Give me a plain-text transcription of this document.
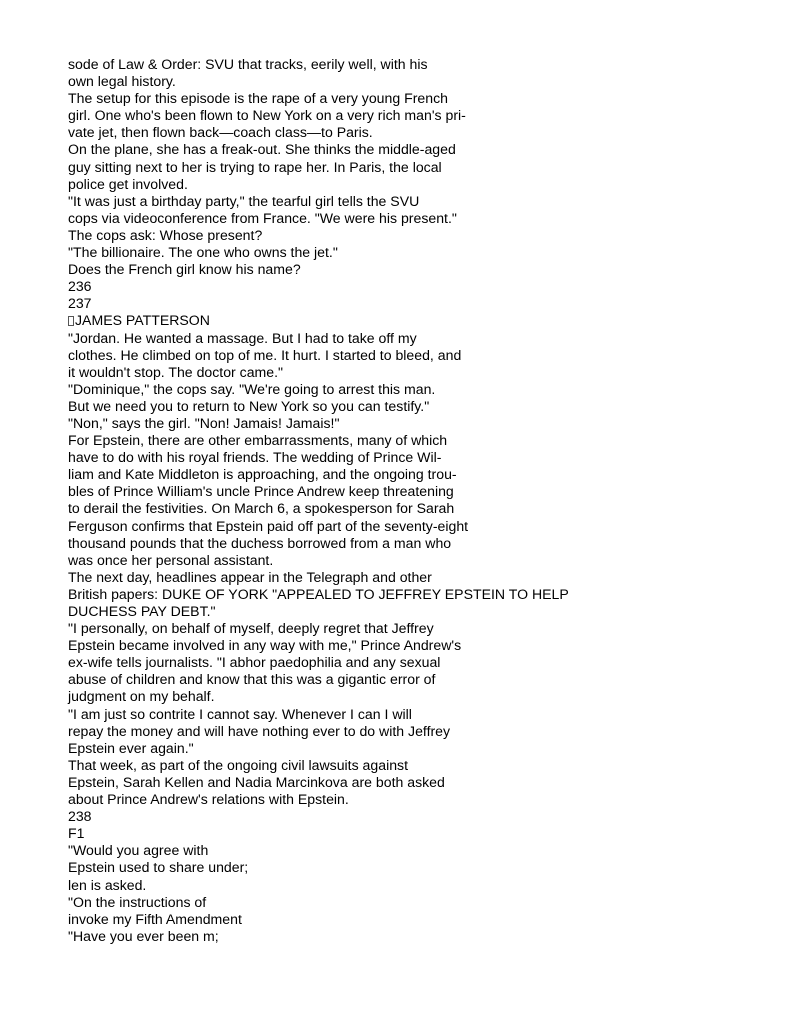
sode of Law & Order: SVU that tracks, eerily well, with his

own legal history.

The setup for this episode is the rape of a very young French

girl. One who's been flown to New York on a very rich man's pri-

vate jet, then flown back—coach class—to Paris.

On the plane, she has a freak-out. She thinks the middle-aged

guy sitting next to her is trying to rape her. In Paris, the local

police get involved.

"It was just a birthday party," the tearful girl tells the SVU

cops via videoconference from France. "We were his present."

The cops ask: Whose present?

"The billionaire. The one who owns the jet."

Does the French girl know his name?

236

237

JAMES PATTERSON

"Jordan. He wanted a massage. But I had to take off my

clothes. He climbed on top of me. It hurt. I started to bleed, and

it wouldn't stop. The doctor came."

"Dominique," the cops say. "We're going to arrest this man.

But we need you to return to New York so you can testify."

"Non," says the girl. "Non! Jamais! Jamais!"

For Epstein, there are other embarrassments, many of which

have to do with his royal friends. The wedding of Prince Wil-

liam and Kate Middleton is approaching, and the ongoing trou-

bles of Prince William's uncle Prince Andrew keep threatening

to derail the festivities. On March 6, a spokesperson for Sarah

Ferguson confirms that Epstein paid off part of the seventy-eight

thousand pounds that the duchess borrowed from a man who

was once her personal assistant.

The next day, headlines appear in the Telegraph and other

British papers: DUKE OF YORK "APPEALED TO JEFFREY EPSTEIN TO HELP

DUCHESS PAY DEBT."

"I personally, on behalf of myself, deeply regret that Jeffrey

Epstein became involved in any way with me," Prince Andrew's

ex-wife tells journalists. "I abhor paedophilia and any sexual

abuse of children and know that this was a gigantic error of

judgment on my behalf.

"I am just so contrite I cannot say. Whenever I can I will

repay the money and will have nothing ever to do with Jeffrey

Epstein ever again."

That week, as part of the ongoing civil lawsuits against

Epstein, Sarah Kellen and Nadia Marcinkova are both asked

about Prince Andrew's relations with Epstein.

238

F1

"Would you agree with

Epstein used to share under;

len is asked.

"On the instructions of

invoke my Fifth Amendment

"Have you ever been m;
